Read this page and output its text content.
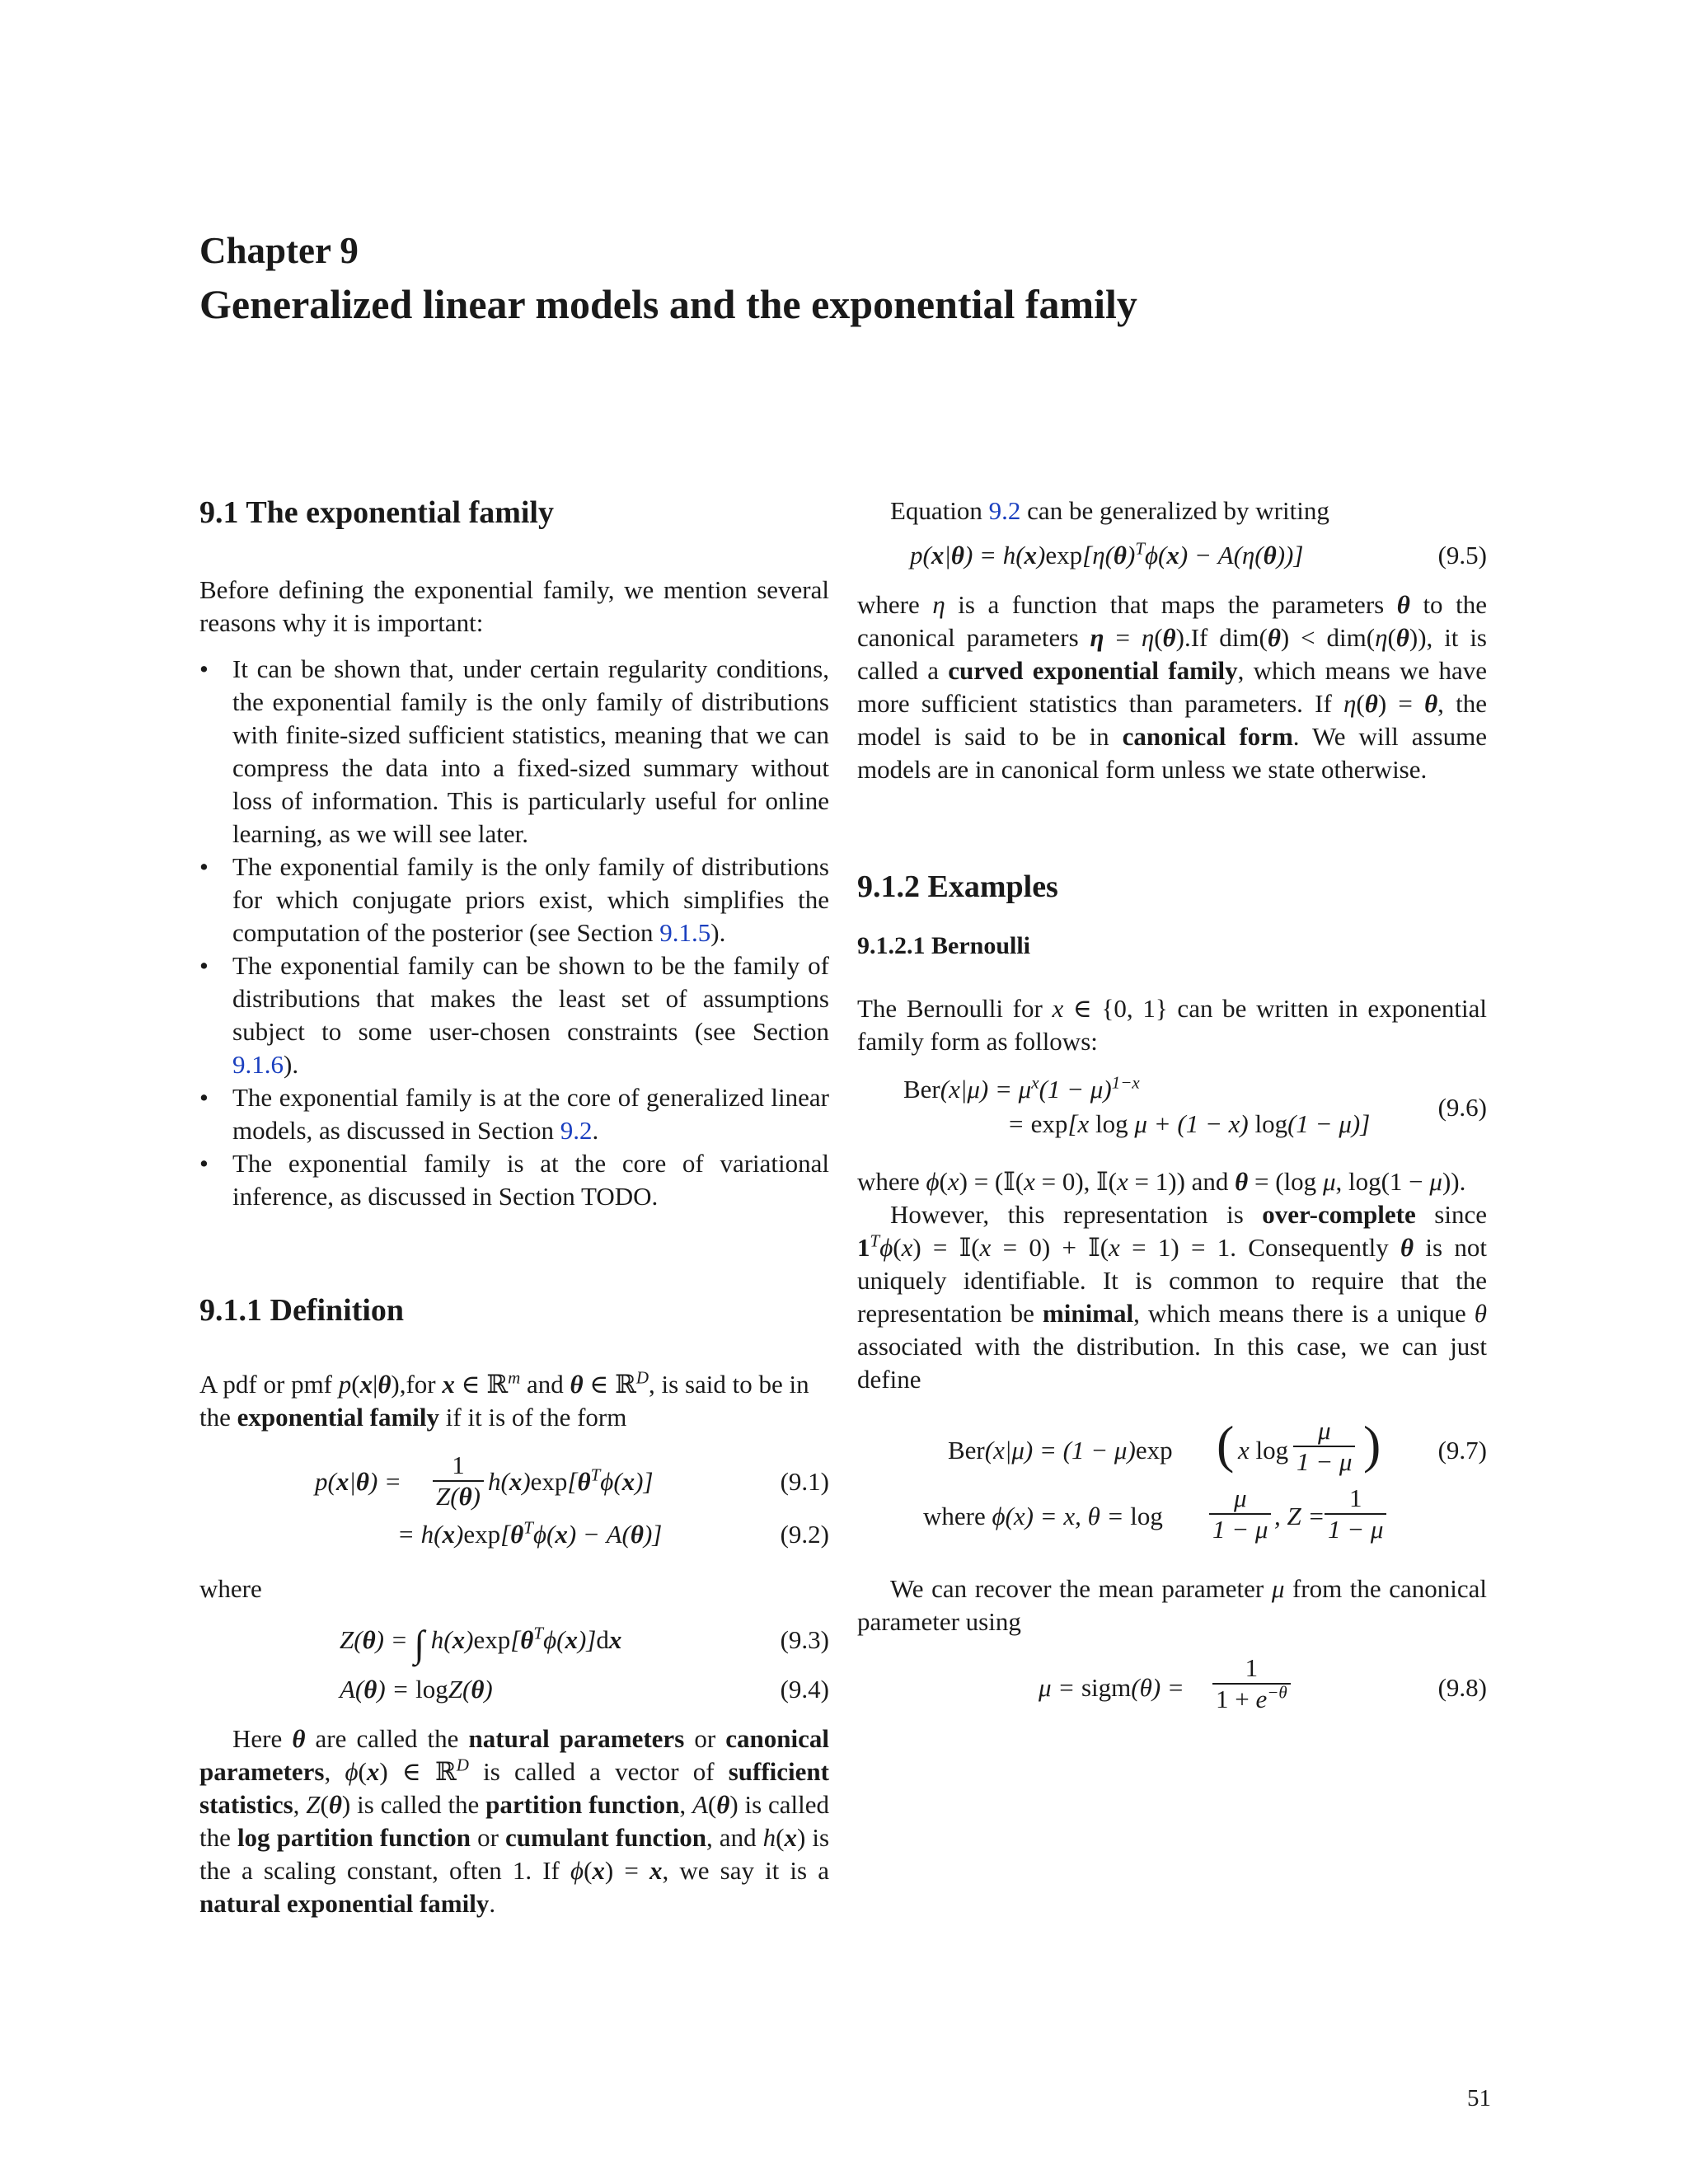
Chapter 9
Generalized linear models and the exponential family
9.1 The exponential family

Before defining the exponential family, we mention several reasons why it is important:

• It can be shown that, under certain regularity conditions, the exponential family is the only family of distributions with finite-sized sufficient statistics, meaning that we can compress the data into a fixed-sized summary without loss of information. This is particularly useful for online learning, as we will see later.
• The exponential family is the only family of distributions for which conjugate priors exist, which simplifies the computation of the posterior (see Section 9.1.5).
• The exponential family can be shown to be the family of distributions that makes the least set of assumptions subject to some user-chosen constraints (see Section 9.1.6).
• The exponential family is at the core of generalized linear models, as discussed in Section 9.2.
• The exponential family is at the core of variational inference, as discussed in Section TODO.
9.1.1 Definition

A pdf or pmf p(x|θ),for x ∈ ℝ$^m$ and θ ∈ ℝ$^D$, is said to be in the exponential family if it is of the form

$p(x|\theta) = \frac{1}{Z(\theta)} h(x)\exp[\theta^T\phi(x)]$	(9.1)
= $h(x)\exp[\theta^T\phi(x) - A(\theta)]$	(9.2)

where

Z(θ) = ∫ $h(x)\exp[\theta^T\phi(x)]dx$	(9.3)
A(θ) = logZ(θ)	(9.4)

Here θ are called the natural parameters or canonical parameters, ϕ(x) ∈ ℝ$^D$ is called a vector of sufficient statistics, Z(θ) is called the partition function, A(θ) is called the log partition function or cumulant function, and h(x) is the a scaling constant, often 1. If ϕ(x) = x, we say it is a natural exponential family.

Equation 9.2 can be generalized by writing

$p(x|\theta) = h(x)\exp[\eta(\theta)^T\phi(x) - A(\eta(\theta))]$	(9.5)

where η is a function that maps the parameters θ to the canonical parameters η = η(θ).If dim(θ) < dim(η(θ)), it is called a curved exponential family, which means we have more sufficient statistics than parameters. If η(θ) = θ, the model is said to be in canonical form. We will assume models are in canonical form unless we state otherwise.

9.1.2 Examples
9.1.2.1 Bernoulli

The Bernoulli for x ∈ {0, 1} can be written in exponential family form as follows:

$Ber(x|\mu) = \mu^x(1 - \mu)^{1-x}$
= exp[x log μ + (1 − x) log(1 − μ)]
(9.6)

where ϕ(x) = (𝕀(x = 0), 𝕀(x = 1)) and θ = (log μ, log(1 − μ)).

However, this representation is over-complete since $1^T\phi(x)$ = 𝕀(x = 0) + 𝕀(x = 1) = 1. Consequently θ is not uniquely identifiable. It is common to require that the representation be minimal, which means there is a unique θ associated with the distribution. In this case, we can just define

Ber(x|μ) = (1 − μ)exp ( x $\log \frac{\mu}{1 - \mu}$ ) (9.7)
where ϕ(x) = x, $\theta = \log \frac{\mu}{1 - \mu}$ , $Z = \frac{1}{1 - \mu}$

We can recover the mean parameter μ from the canonical parameter using

μ = sigm(θ) = $\frac{1}{1 + e^{-\theta}}$	(9.8)
51
